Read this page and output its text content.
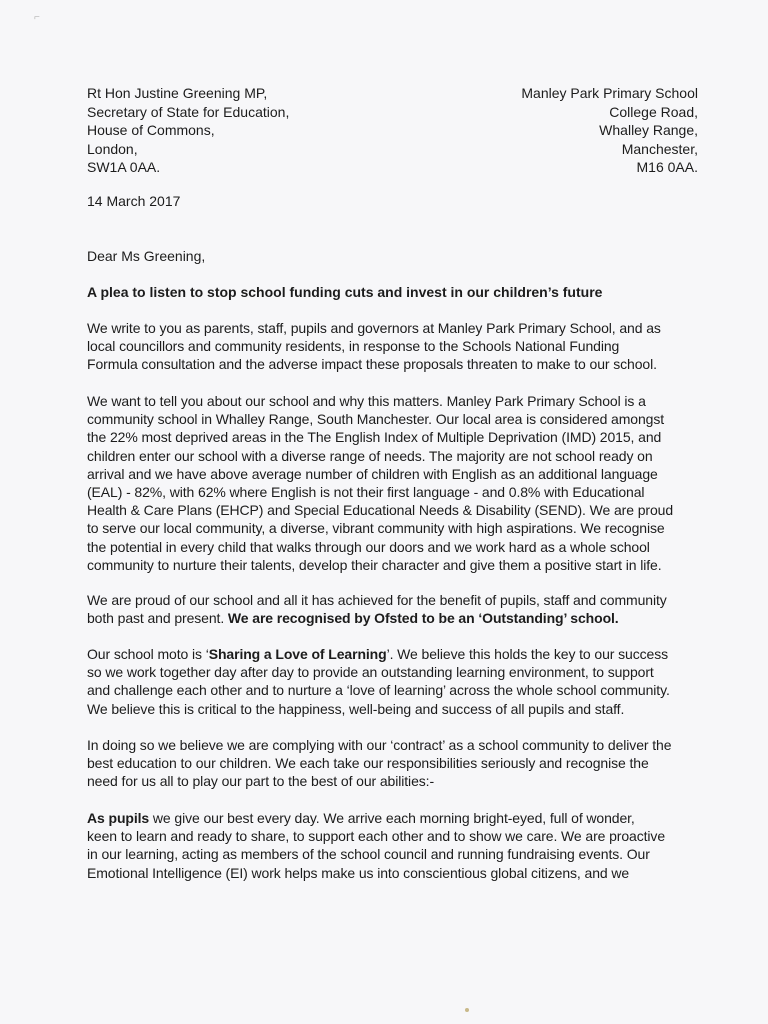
⌐
Rt Hon Justine Greening MP,
Secretary of State for Education,
House of Commons,
London,
SW1A 0AA.
Manley Park Primary School
College Road,
Whalley Range,
Manchester,
M16 0AA.
14 March 2017
Dear Ms Greening,
A plea to listen to stop school funding cuts and invest in our children’s future
We write to you as parents, staff, pupils and governors at Manley Park Primary School, and as
local councillors and community residents, in response to the Schools National Funding
Formula consultation and the adverse impact these proposals threaten to make to our school.
We want to tell you about our school and why this matters. Manley Park Primary School is a
community school in Whalley Range, South Manchester. Our local area is considered amongst
the 22% most deprived areas in the The English Index of Multiple Deprivation (IMD) 2015, and
children enter our school with a diverse range of needs. The majority are not school ready on
arrival and we have above average number of children with English as an additional language
(EAL) - 82%, with 62% where English is not their first language - and 0.8% with Educational
Health & Care Plans (EHCP) and Special Educational Needs & Disability (SEND). We are proud
to serve our local community, a diverse, vibrant community with high aspirations. We recognise
the potential in every child that walks through our doors and we work hard as a whole school
community to nurture their talents, develop their character and give them a positive start in life.
We are proud of our school and all it has achieved for the benefit of pupils, staff and community
both past and present. We are recognised by Ofsted to be an ‘Outstanding’ school.
Our school moto is ‘Sharing a Love of Learning’. We believe this holds the key to our success
so we work together day after day to provide an outstanding learning environment, to support
and challenge each other and to nurture a ‘love of learning’ across the whole school community.
We believe this is critical to the happiness, well-being and success of all pupils and staff.
In doing so we believe we are complying with our ‘contract’ as a school community to deliver the
best education to our children. We each take our responsibilities seriously and recognise the
need for us all to play our part to the best of our abilities:-
As pupils we give our best every day. We arrive each morning bright-eyed, full of wonder,
keen to learn and ready to share, to support each other and to show we care. We are proactive
in our learning, acting as members of the school council and running fundraising events. Our
Emotional Intelligence (EI) work helps make us into conscientious global citizens, and we
